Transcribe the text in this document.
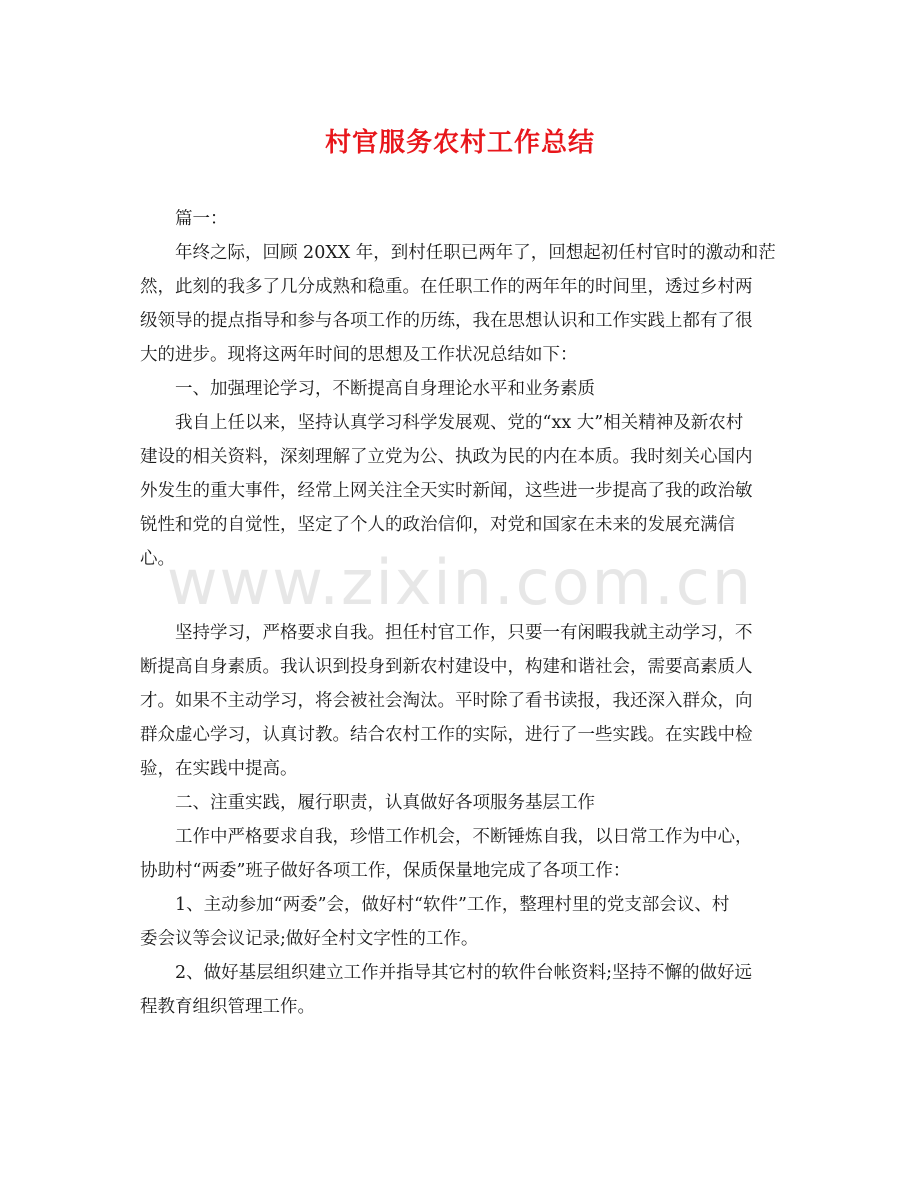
村官服务农村工作总结
www.zixin.com.cn
篇一：
年终之际，回顾 20XX 年，到村任职已两年了，回想起初任村官时的激动和茫
然，此刻的我多了几分成熟和稳重。在任职工作的两年年的时间里，透过乡村两
级领导的提点指导和参与各项工作的历练，我在思想认识和工作实践上都有了很
大的进步。现将这两年时间的思想及工作状况总结如下：
一、加强理论学习，不断提高自身理论水平和业务素质
我自上任以来，坚持认真学习科学发展观、党的“xx 大”相关精神及新农村
建设的相关资料，深刻理解了立党为公、执政为民的内在本质。我时刻关心国内
外发生的重大事件，经常上网关注全天实时新闻，这些进一步提高了我的政治敏
锐性和党的自觉性，坚定了个人的政治信仰，对党和国家在未来的发展充满信
心。
坚持学习，严格要求自我。担任村官工作，只要一有闲暇我就主动学习，不
断提高自身素质。我认识到投身到新农村建设中，构建和谐社会，需要高素质人
才。如果不主动学习，将会被社会淘汰。平时除了看书读报，我还深入群众，向
群众虚心学习，认真讨教。结合农村工作的实际，进行了一些实践。在实践中检
验，在实践中提高。
二、注重实践，履行职责，认真做好各项服务基层工作
工作中严格要求自我，珍惜工作机会，不断锤炼自我，以日常工作为中心，
协助村“两委”班子做好各项工作，保质保量地完成了各项工作：
1、主动参加“两委”会，做好村“软件”工作，整理村里的党支部会议、村
委会议等会议记录;做好全村文字性的工作。
2、做好基层组织建立工作并指导其它村的软件台帐资料;坚持不懈的做好远
程教育组织管理工作。
